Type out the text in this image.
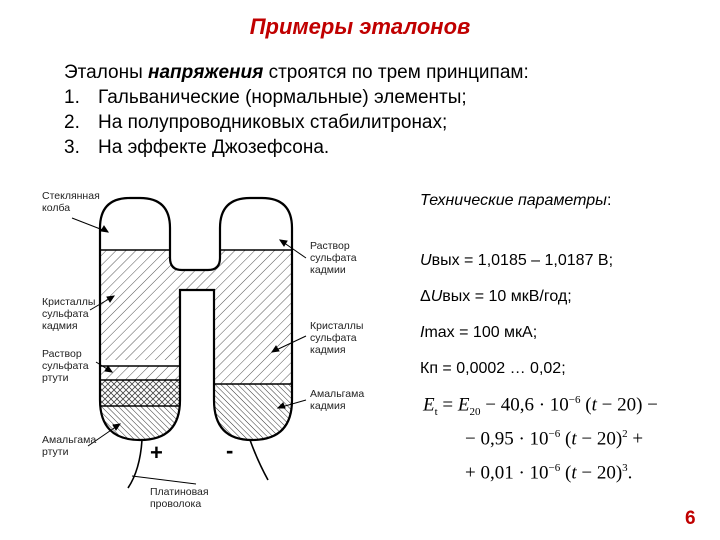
Примеры эталонов
Эталоны напряжения строятся по трем принципам:
1. Гальванические (нормальные) элементы;
2. На полупроводниковых стабилитронах;
3. На эффекте Джозефсона.
Стеклянная
колба
Кристаллы
сульфата
кадмия
Раствор
сульфата
ртути
Амальгама
ртути
Раствор
сульфата
кадмии
Кристаллы
сульфата
кадмия
Амальгама
кадмия
Платиновая
проволока
+	-
Технические параметры:
Uвых = 1,0185 – 1,0187 В;
ΔUвых = 10 мкВ/год;
Imax = 100 мкА;
Кп = 0,0002 … 0,02;
$E_t = E_{20} - 40,6 \cdot 10^{-6}$ (t − 20) −
− $0,95 \cdot 10^{-6}$ $(t - 20)^2$ +
+ $0,01 \cdot 10^{-6}$ $(t - 20)^3$.
6
